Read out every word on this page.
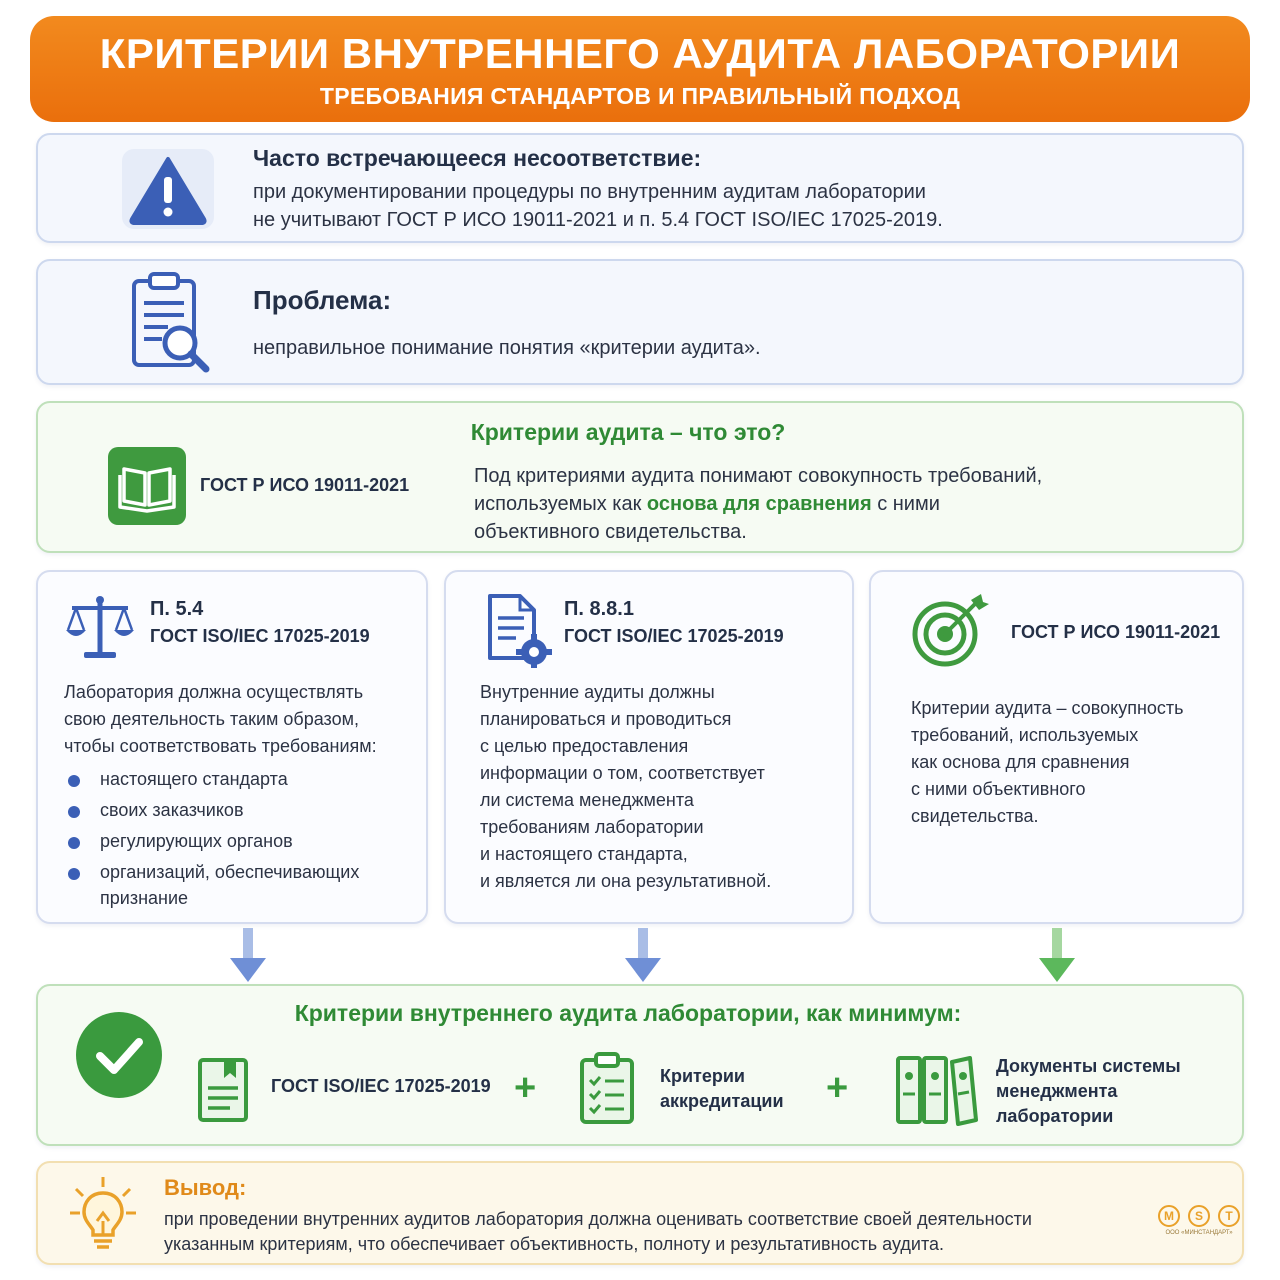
КРИТЕРИИ ВНУТРЕННЕГО АУДИТА ЛАБОРАТОРИИ
ТРЕБОВАНИЯ СТАНДАРТОВ И ПРАВИЛЬНЫЙ ПОДХОД
Часто встречающееся несоответствие:
при документировании процедуры по внутренним аудитам лаборатории
не учитывают ГОСТ Р ИСО 19011-2021 и п. 5.4 ГОСТ ISO/IEC 17025-2019.
Проблема:
неправильное понимание понятия «критерии аудита».
Критерии аудита – что это?
ГОСТ Р ИСО 19011-2021	Под критериями аудита понимают совокупность требований,
используемых как основа для сравнения с ними
объективного свидетельства.
П. 5.4
ГОСТ ISO/IEC 17025-2019
Лаборатория должна осуществлять
свою деятельность таким образом,
чтобы соответствовать требованиям:
настоящего стандарта
своих заказчиков
регулирующих органов
организаций, обеспечивающих
признание
П. 8.8.1
ГОСТ ISO/IEC 17025-2019
Внутренние аудиты должны
планироваться и проводиться
с целью предоставления
информации о том, соответствует
ли система менеджмента
требованиям лаборатории
и настоящего стандарта,
и является ли она результативной.
ГОСТ Р ИСО 19011-2021
Критерии аудита – совокупность
требований, используемых
как основа для сравнения
с ними объективного
свидетельства.
Критерии внутреннего аудита лаборатории, как минимум:
ГОСТ ISO/IEC 17025-2019 +	Критерии
аккредитации +
Документы системы
менеджмента
лаборатории
Вывод:
при проведении внутренних аудитов лаборатория должна оценивать соответствие своей деятельности
указанным критериям, что обеспечивает объективность, полноту и результативность аудита.
M	S	T
ООО «МИНСТАНДАРТ»
